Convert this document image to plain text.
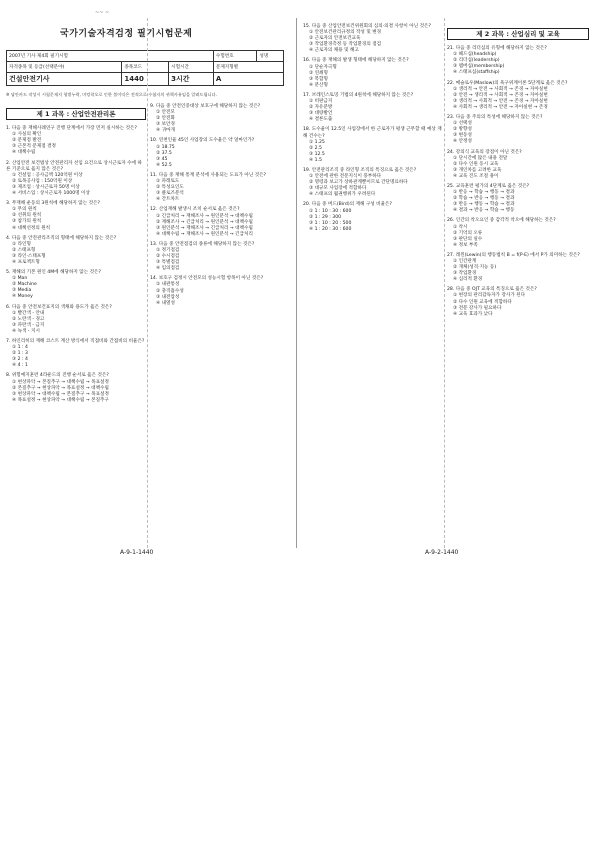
~~ ~
국가기술자격검정 필기시험문제
2007년 기사 제4회 필기시험			수험번호	성명
자격종목 및 등급(선택분야)	종목코드	시험시간	문제지형별	
건설안전기사	1440	3시간	A	
※ 답안카드 작성시 시험문제지 형별누락, 마킹착오로 인한 불이익은 전적으로 수험자의 귀책사유임을 알려드립니다.
제 1 과목 : 산업안전관리론
1. 다음 중 재해사례연구 진행 단계에서 가장 먼저 실시하는 것은?
① 사실의 확인
② 문제점 발견
③ 근본적 문제점 결정
④ 대책수립
2. 산업안전 보건법상 안전관리자 선임 요건으로 상시근로자 수에 따른 기준으로 옳지 않은 것은?
① 건설업 : 공사금액 120억원 이상
② 토목공사업 : 150억원 이상
③ 제조업 : 상시근로자 50명 이상
④ 서비스업 : 상시근로자 1000명 이상
3. 무재해 운동의 3원칙에 해당하지 않는 것은?
① 무의 원칙
② 선취의 원칙
③ 참가의 원칙
④ 대책선정의 원칙
4. 다음 중 안전관리조직의 형태에 해당하지 않는 것은?
① 라인형
② 스태프형
③ 라인·스태프형
④ 프로젝트형
5. 재해의 기본 원인 4M에 해당하지 않는 것은?
① Man
② Machine
③ Media
④ Money
6. 다음 중 안전보건표지의 색채와 용도가 옳은 것은?
① 빨간색 - 안내
② 노란색 - 경고
③ 파란색 - 금지
④ 녹색 - 지시
7. 하인리히의 재해 코스트 계산 방식에서 직접비와 간접비의 비율은?
① 1 : 4
② 1 : 3
③ 2 : 4
④ 4 : 1
8. 위험예지훈련 4라운드의 진행 순서로 옳은 것은?
① 현상파악 → 본질추구 → 대책수립 → 목표설정
② 본질추구 → 현상파악 → 목표설정 → 대책수립
③ 현상파악 → 대책수립 → 본질추구 → 목표설정
④ 목표설정 → 현상파악 → 대책수립 → 본질추구
9. 다음 중 안전인증대상 보호구에 해당하지 않는 것은?
① 안전모
② 안전화
③ 보안경
④ 귀마개
10. 연천인율 45인 사업장의 도수율은 약 얼마인가?
① 18.75
② 37.5
③ 45
④ 52.5
11. 다음 중 재해 통계 분석에 사용되는 도표가 아닌 것은?
① 파레토도
② 특성요인도
③ 클로즈분석
④ 간트차트
12. 산업재해 발생시 조치 순서로 옳은 것은?
① 긴급처리 → 재해조사 → 원인분석 → 대책수립
② 재해조사 → 긴급처리 → 원인분석 → 대책수립
③ 원인분석 → 재해조사 → 긴급처리 → 대책수립
④ 대책수립 → 재해조사 → 원인분석 → 긴급처리
13. 다음 중 안전점검의 종류에 해당하지 않는 것은?
① 정기점검
② 수시점검
③ 특별점검
④ 임의점검
14. 보호구 검정시 안전모의 성능시험 항목이 아닌 것은?
① 내관통성
② 충격흡수성
③ 내전압성
④ 내열성
15. 다음 중 산업안전보건위원회의 심의·의결 사항이 아닌 것은?
① 안전보건관리규정의 작성 및 변경
② 근로자의 안전보건교육
③ 작업환경측정 등 작업환경의 점검
④ 근로자의 채용 및 해고
16. 다음 중 재해의 발생 형태에 해당하지 않는 것은?
① 단순자극형
② 연쇄형
③ 복합형
④ 분산형
17. 브레인스토밍 기법의 4원칙에 해당하지 않는 것은?
① 비판금지
② 자유분방
③ 대량발언
④ 결론도출
18. 도수율이 12.5인 사업장에서 한 근로자가 평생 근무할 때 예상 재해 건수는?
① 1.25
② 2.5
③ 12.5
④ 1.5
19. 안전관리조직 중 라인형 조직의 특징으로 옳은 것은?
① 안전에 관한 전문지식이 풍부하다
② 명령과 보고가 상하관계뿐이므로 간단명료하다
③ 대규모 사업장에 적합하다
④ 스태프의 월권행위가 우려된다
20. 다음 중 버드(Bird)의 재해 구성 비율은?
① 1 : 10 : 30 : 600
② 1 : 29 : 300
③ 1 : 10 : 20 : 500
④ 1 : 20 : 30 : 600
제 2 과목 : 산업심리 및 교육
21. 다음 중 리더십의 유형에 해당하지 않는 것은?
① 헤드십(headship)
② 리더십(leadership)
③ 멤버십(membership)
④ 스태프십(staffship)
22. 매슬로우(Maslow)의 욕구위계이론 5단계로 옳은 것은?
① 생리적 → 안전 → 사회적 → 존경 → 자아실현
② 안전 → 생리적 → 사회적 → 존경 → 자아실현
③ 생리적 → 사회적 → 안전 → 존경 → 자아실현
④ 사회적 → 생리적 → 안전 → 자아실현 → 존경
23. 다음 중 주의의 특성에 해당하지 않는 것은?
① 선택성
② 방향성
③ 변동성
④ 안정성
24. 강의식 교육의 장점이 아닌 것은?
① 단시간에 많은 내용 전달
② 다수 인원 동시 교육
③ 개인차를 고려한 교육
④ 교육 진도 조절 용이
25. 교육훈련 평가의 4단계로 옳은 것은?
① 반응 → 학습 → 행동 → 결과
② 학습 → 반응 → 행동 → 결과
③ 반응 → 행동 → 학습 → 결과
④ 결과 → 반응 → 학습 → 행동
26. 인간의 착오요인 중 감각적 착오에 해당하는 것은?
① 착시
② 기억의 오류
③ 판단의 실수
④ 정보 부족
27. 레윈(Lewin)의 행동법칙 B = f(P·E) 에서 P가 의미하는 것은?
① 인간관계
② 개체(성격·지능 등)
③ 작업환경
④ 심리적 환경
28. 다음 중 OJT 교육의 특징으로 옳은 것은?
① 현장의 관리감독자가 강사가 된다
② 다수 인원 교육에 적합하다
③ 전문 강사가 필요하다
④ 교육 효과가 낮다
A-9-1-1440	A-9-2-1440
